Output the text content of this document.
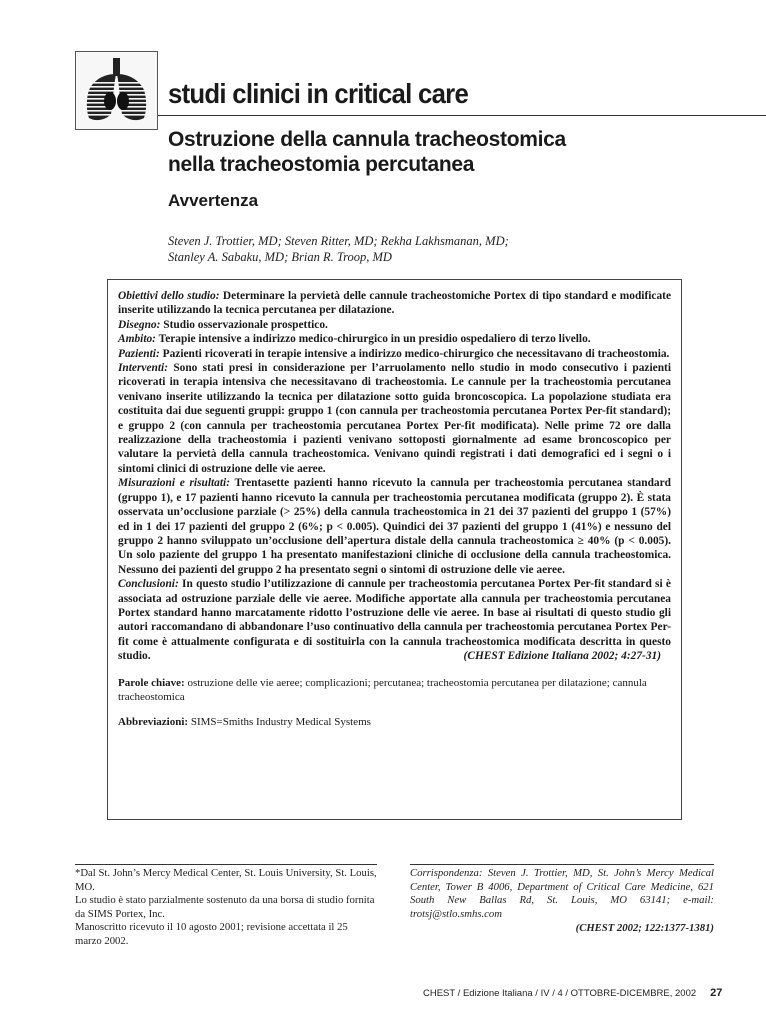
studi clinici in critical care
Ostruzione della cannula tracheostomica
nella tracheostomia percutanea
Avvertenza
Steven J. Trottier, MD; Steven Ritter, MD; Rekha Lakhsmanan, MD;
Stanley A. Sabaku, MD; Brian R. Troop, MD

Obiettivi dello studio: Determinare la pervietà delle cannule tracheostomiche Portex di tipo standard e modificate inserite utilizzando la tecnica percutanea per dilatazione.

Disegno: Studio osservazionale prospettico.

Ambito: Terapie intensive a indirizzo medico-chirurgico in un presidio ospedaliero di terzo livello.

Pazienti: Pazienti ricoverati in terapie intensive a indirizzo medico-chirurgico che necessitavano di tracheostomia.

Interventi: Sono stati presi in considerazione per l’arruolamento nello studio in modo consecutivo i pazienti ricoverati in terapia intensiva che necessitavano di tracheostomia. Le cannule per la tracheostomia percutanea venivano inserite utilizzando la tecnica per dilatazione sotto guida broncoscopica. La popolazione studiata era costituita dai due seguenti gruppi: gruppo 1 (con cannula per tracheostomia percutanea Portex Per-fit standard); e gruppo 2 (con cannula per tracheostomia percutanea Portex Per-fit modificata). Nelle prime 72 ore dalla realizzazione della tracheostomia i pazienti venivano sottoposti giornalmente ad esame broncoscopico per valutare la pervietà della cannula tracheostomica. Venivano quindi registrati i dati demografici ed i segni o i sintomi clinici di ostruzione delle vie aeree.

Misurazioni e risultati: Trentasette pazienti hanno ricevuto la cannula per tracheostomia percutanea standard (gruppo 1), e 17 pazienti hanno ricevuto la cannula per tracheostomia percutanea modificata (gruppo 2). È stata osservata un’occlusione parziale (> 25%) della cannula tracheostomica in 21 dei 37 pazienti del gruppo 1 (57%) ed in 1 dei 17 pazienti del gruppo 2 (6%; p < 0.005). Quindici dei 37 pazienti del gruppo 1 (41%) e nessuno del gruppo 2 hanno sviluppato un’occlusione dell’apertura distale della cannula tracheostomica ≥ 40% (p < 0.005). Un solo paziente del gruppo 1 ha presentato manifestazioni cliniche di occlusione della cannula tracheostomica. Nessuno dei pazienti del gruppo 2 ha presentato segni o sintomi di ostruzione delle vie aeree.

Conclusioni: In questo studio l’utilizzazione di cannule per tracheostomia percutanea Portex Per-fit standard si è associata ad ostruzione parziale delle vie aeree. Modifiche apportate alla cannula per tracheostomia percutanea Portex standard hanno marcatamente ridotto l’ostruzione delle vie aeree. In base ai risultati di questo studio gli autori raccomandano di abbandonare l’uso continuativo della cannula per tracheostomia percutanea Portex Per-fit come è attualmente configurata e di sostituirla con la cannula tracheostomica modificata descritta in questo studio.	(CHEST Edizione Italiana 2002; 4:27-31)

Parole chiave: ostruzione delle vie aeree; complicazioni; percutanea; tracheostomia percutanea per dilatazione; cannula tracheostomica
Abbreviazioni: SIMS=Smiths Industry Medical Systems

*Dal St. John’s Mercy Medical Center, St. Louis University, St. Louis, MO.

Lo studio è stato parzialmente sostenuto da una borsa di studio fornita da SIMS Portex, Inc.

Manoscritto ricevuto il 10 agosto 2001; revisione accettata il 25 marzo 2002.

Corrispondenza: Steven J. Trottier, MD, St. John’s Mercy Medical Center, Tower B 4006, Department of Critical Care Medicine, 621 South New Ballas Rd, St. Louis, MO 63141; e-mail: trotsj@stlo.smhs.com

(CHEST 2002; 122:1377-1381)

CHEST / Edizione Italiana / IV / 4 / OTTOBRE-DICEMBRE, 2002 27
